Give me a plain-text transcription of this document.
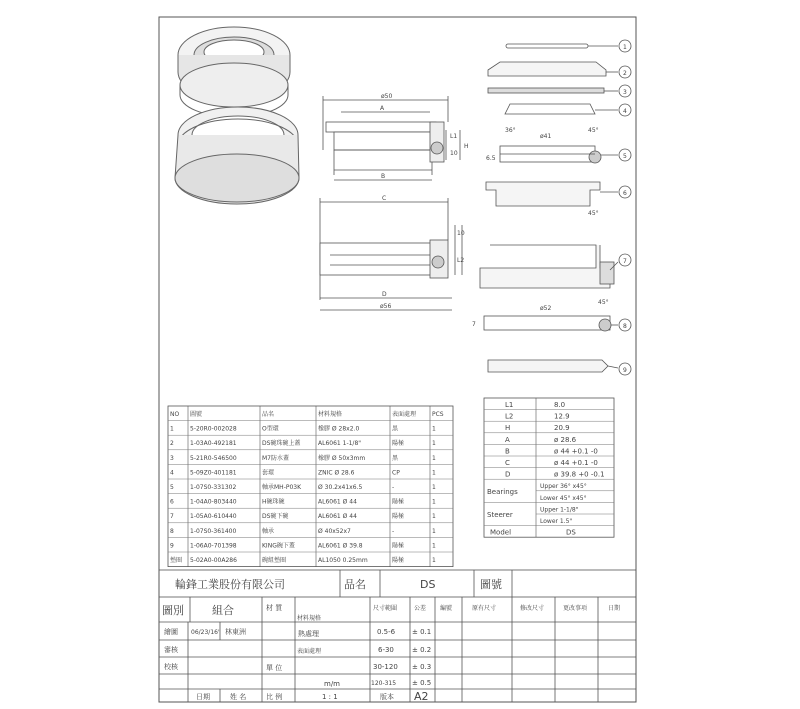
ø50
A
B
L1
H
10
C
D
ø56
10
L2
ø41
ø52
36°	45°
45°
45°
6.5
7
1
2
3
4
5
6
7
8
9
NO 圖號	品名	材料規格	表面處理	PCS
1	5-20R0-002028	O型環	橡膠 Ø 28x2.0	黑	1
2	1-03A0-492181	DS碗珠碗上蓋	AL6061 1-1/8"	陽極	1
3	5-21R0-546500	M7防水蓋	橡膠 Ø 50x3mm	黑	1
4	5-09Z0-401181	套環	ZNIC Ø 28.6	CP	1
5	1-07S0-331302	軸承MH-P03K	Ø 30.2x41x6.5	-	1
6	1-04A0-803440	H碗珠碗	AL6061 Ø 44	陽極	1
7	1-05A0-610440	DS碗下碗	AL6061 Ø 44	陽極	1
8	1-07S0-361400	軸承	Ø 40x52x7	-	1
9	1-06A0-701398	KING碗下蓋	AL6061 Ø 39.8	陽極	1
墊圈 5-02A0-00A286	碗組墊圈	AL1050 0.25mm	陽極	1
L1	8.0
L2	12.9
H	20.9
A	ø 28.6
B	ø 44 +0.1 -0
C	ø 44 +0.1 -0
D	ø 39.8 +0 -0.1
Bearings
Upper 36° x45°
Lower 45° x45°
Steerer
Upper 1-1/8"
Lower 1.5"
Model	DS
輪鋒工業股份有限公司	品名	DS	圖號
圖別	組合
繪圖 06/23/16' 林東洲
審核
校核
日期	姓 名
材 質
材料規格
熱處理
表面處理
單 位
m/m
比 例	1 : 1
尺寸範圍	公差
0.5-6 ± 0.1
6-30	± 0.2
30-120 ± 0.3
120-315 ± 0.5
版本 A2
編號	原有尺寸	修改尺寸	更改事項	日期
